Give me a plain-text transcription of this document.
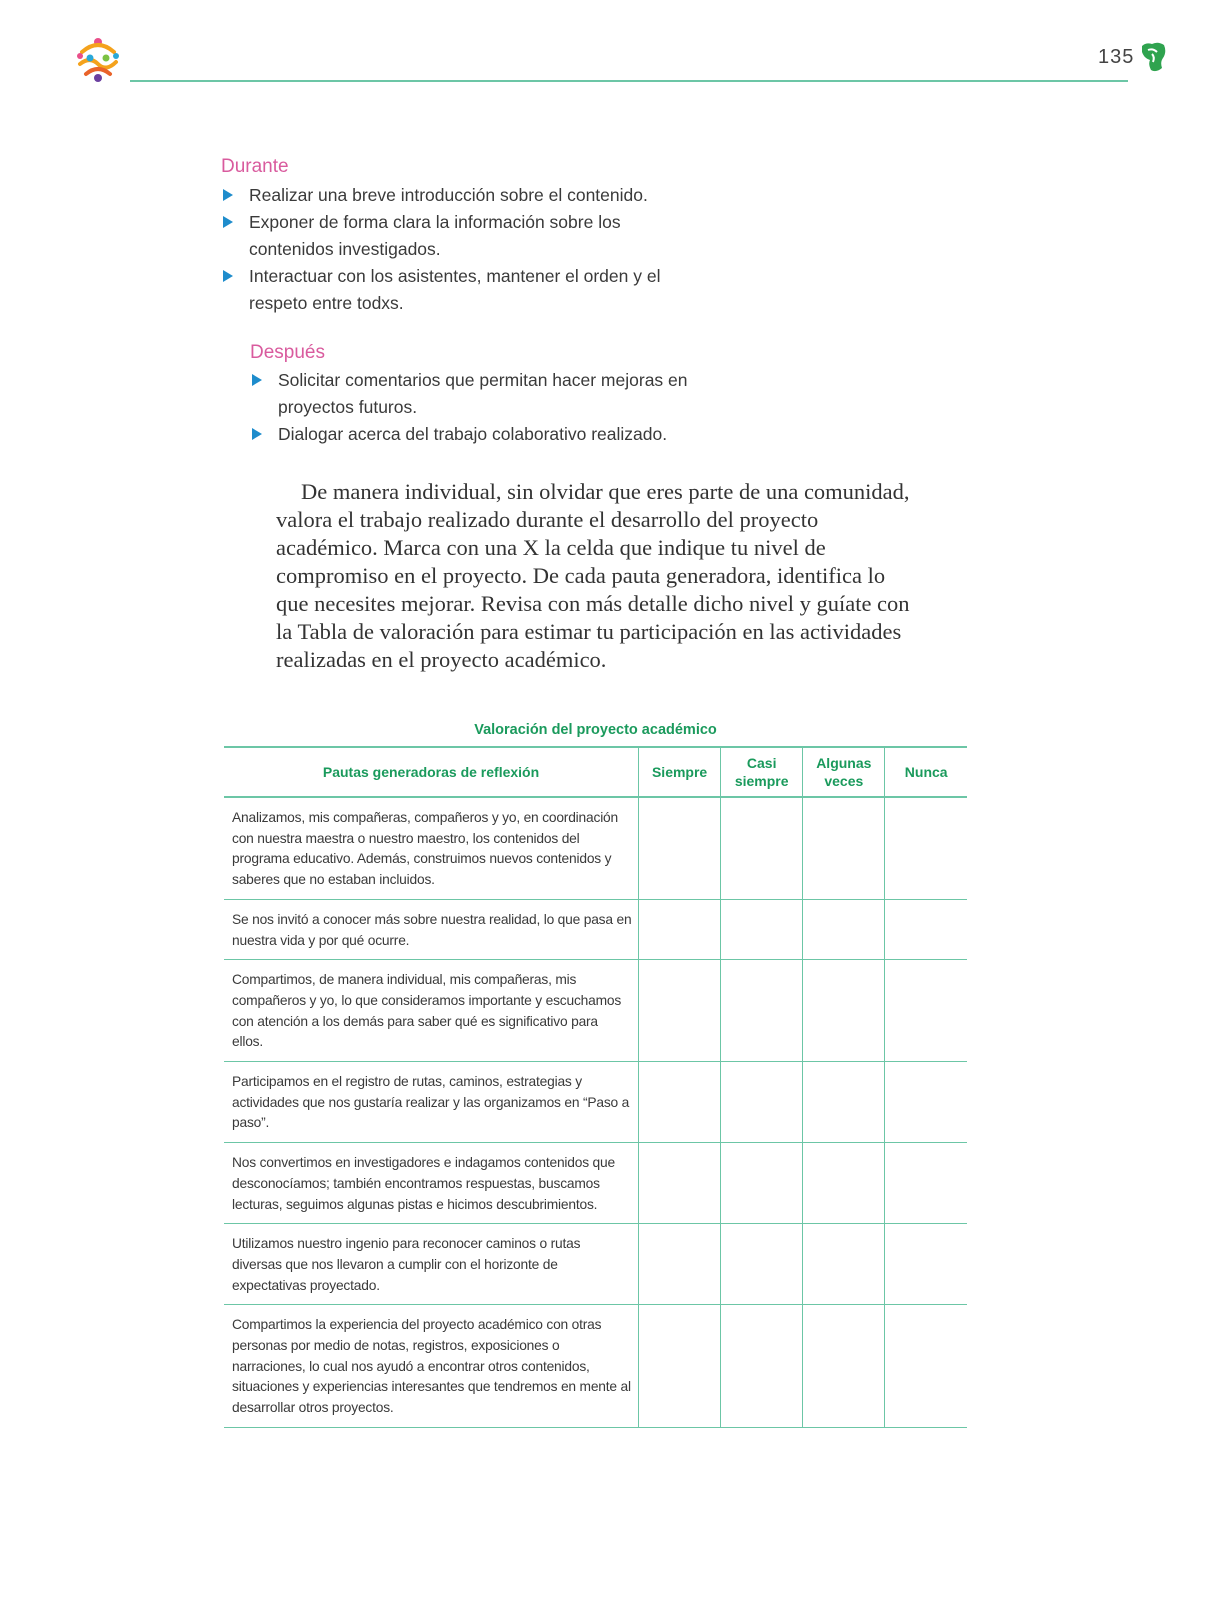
135
Durante
Realizar una breve introducción sobre el contenido.
Exponer de forma clara la información sobre los contenidos investigados.
Interactuar con los asistentes, mantener el orden y el respeto entre todxs.
Después
Solicitar comentarios que permitan hacer mejoras en proyectos futuros.
Dialogar acerca del trabajo colaborativo realizado.

De manera individual, sin olvidar que eres parte de una comunidad, valora el trabajo realizado durante el desarrollo del proyecto académico. Marca con una X la celda que indique tu nivel de compromiso en el proyecto. De cada pauta generadora, identifica lo que necesites mejorar. Revisa con más detalle dicho nivel y guíate con la Tabla de valoración para estimar tu participación en las actividades realizadas en el proyecto académico.

Valoración del proyecto académico
Pautas generadoras de reflexión	Siempre	Casi siempre	Algunas veces	Nunca
Analizamos, mis compañeras, compañeros y yo, en coordinación con nuestra maestra o nuestro maestro, los contenidos del programa educativo. Además, construimos nuevos contenidos y saberes que no estaban incluidos.				
Se nos invitó a conocer más sobre nuestra realidad, lo que pasa en nuestra vida y por qué ocurre.				
Compartimos, de manera individual, mis compañeras, mis compañeros y yo, lo que consideramos importante y escuchamos con atención a los demás para saber qué es significativo para ellos.				
Participamos en el registro de rutas, caminos, estrategias y actividades que nos gustaría realizar y las organizamos en “Paso a paso”.				
Nos convertimos en investigadores e indagamos contenidos que desconocíamos; también encontramos respuestas, buscamos lecturas, seguimos algunas pistas e hicimos descubrimientos.				
Utilizamos nuestro ingenio para reconocer caminos o rutas diversas que nos llevaron a cumplir con el horizonte de expectativas proyectado.				
Compartimos la experiencia del proyecto académico con otras personas por medio de notas, registros, exposiciones o narraciones, lo cual nos ayudó a encontrar otros contenidos, situaciones y experiencias interesantes que tendremos en mente al desarrollar otros proyectos.				
